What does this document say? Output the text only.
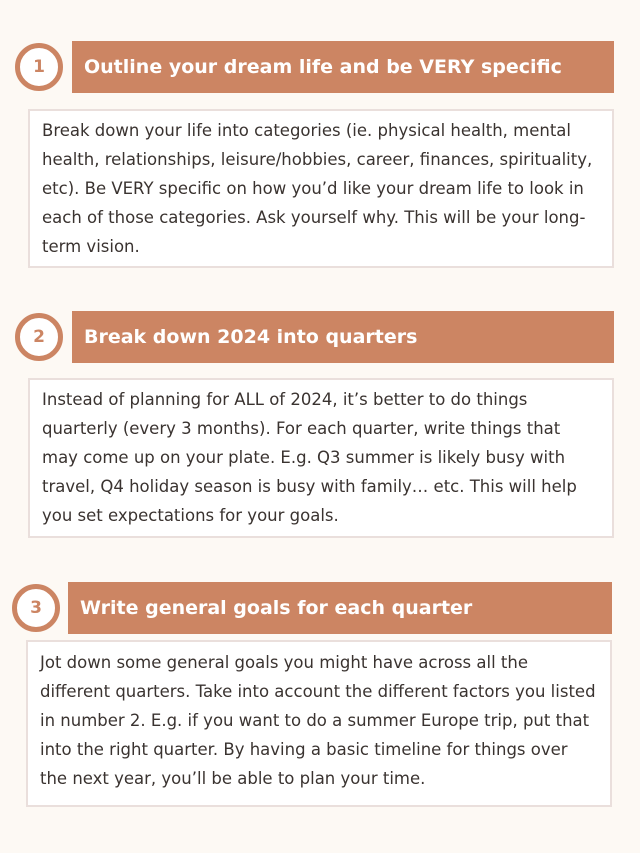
Outline your dream life and be VERY specific
1
Break down your life into categories (ie. physical health, mental health, relationships, leisure/hobbies, career, finances, spirituality, etc). Be VERY specific on how you’d like your dream life to look in each of those categories. Ask yourself why. This will be your long-term vision.
Break down 2024 into quarters
2
Instead of planning for ALL of 2024, it’s better to do things quarterly (every 3 months). For each quarter, write things that may come up on your plate. E.g. Q3 summer is likely busy with travel, Q4 holiday season is busy with family… etc. This will help you set expectations for your goals.
Write general goals for each quarter
3
Jot down some general goals you might have across all the different quarters. Take into account the different factors you listed in number 2. E.g. if you want to do a summer Europe trip, put that into the right quarter. By having a basic timeline for things over the next year, you’ll be able to plan your time.
